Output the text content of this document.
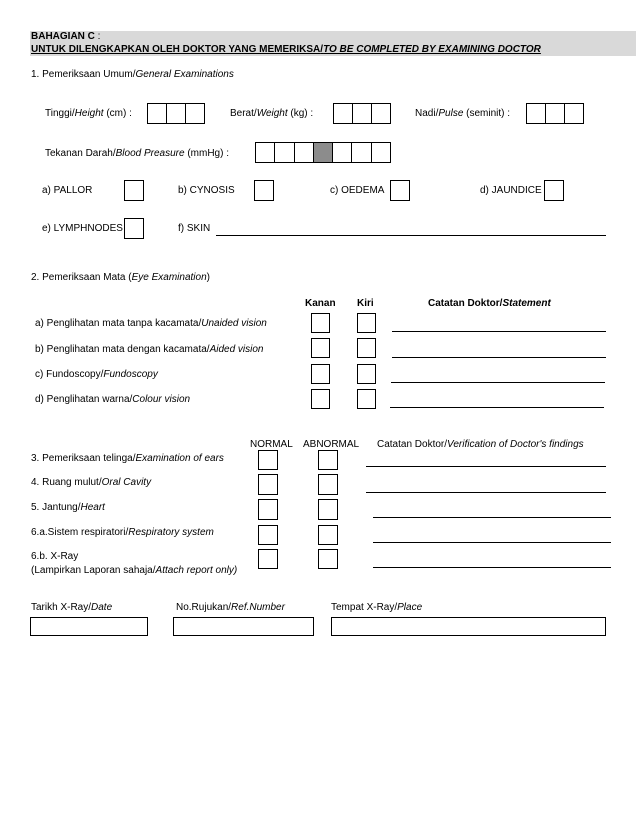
BAHAGIAN C :
UNTUK DILENGKAPKAN OLEH DOKTOR YANG MEMERIKSA/TO BE COMPLETED BY EXAMINING DOCTOR
1. Pemeriksaan Umum/General Examinations
Tinggi/Height (cm) :	Berat/Weight (kg) :	Nadi/Pulse (seminit) :
Tekanan Darah/Blood Preasure (mmHg) :
a) PALLOR	b) CYNOSIS	c) OEDEMA	d) JAUNDICE
e) LYMPHNODES	f) SKIN
2. Pemeriksaan Mata (Eye Examination)
Kanan Kiri	Catatan Doktor/Statement
a) Penglihatan mata tanpa kacamata/Unaided vision
b) Penglihatan mata dengan kacamata/Aided vision
c) Fundoscopy/Fundoscopy
d) Penglihatan warna/Colour vision
NORMAL ABNORMAL Catatan Doktor/Verification of Doctor's findings
3. Pemeriksaan telinga/Examination of ears
4. Ruang mulut/Oral Cavity
5. Jantung/Heart
6.a.Sistem respiratori/Respiratory system
6.b. X-Ray
(Lampirkan Laporan sahaja/Attach report only)
Tarikh X-Ray/Date	No.Rujukan/Ref.Number	Tempat X-Ray/Place
